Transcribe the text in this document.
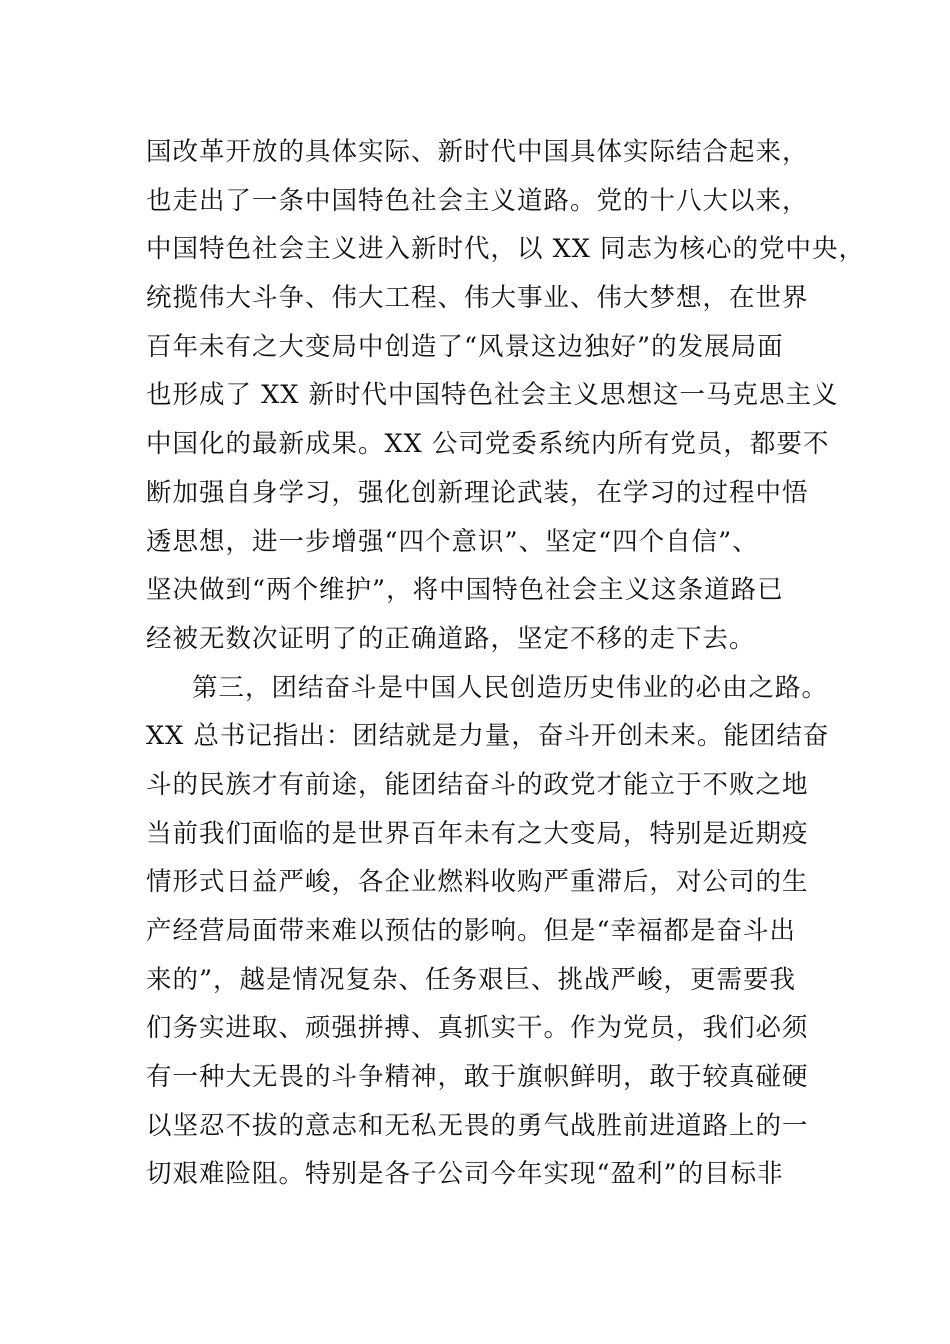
国改革开放的具体实际、新时代中国具体实际结合起来，
也走出了一条中国特色社会主义道路。党的十八大以来，
中国特色社会主义进入新时代，以 XX 同志为核心的党中央，
统揽伟大斗争、伟大工程、伟大事业、伟大梦想，在世界
百年未有之大变局中创造了“风景这边独好”的发展局面
也形成了 XX 新时代中国特色社会主义思想这一马克思主义
中国化的最新成果。XX 公司党委系统内所有党员，都要不
断加强自身学习，强化创新理论武装，在学习的过程中悟
透思想，进一步增强“四个意识”、坚定“四个自信”、
坚决做到“两个维护”，将中国特色社会主义这条道路已
经被无数次证明了的正确道路，坚定不移的走下去。
第三，团结奋斗是中国人民创造历史伟业的必由之路。
XX 总书记指出：团结就是力量，奋斗开创未来。能团结奋
斗的民族才有前途，能团结奋斗的政党才能立于不败之地
当前我们面临的是世界百年未有之大变局，特别是近期疫
情形式日益严峻，各企业燃料收购严重滞后，对公司的生
产经营局面带来难以预估的影响。但是“幸福都是奋斗出
来的”，越是情况复杂、任务艰巨、挑战严峻，更需要我
们务实进取、顽强拼搏、真抓实干。作为党员，我们必须
有一种大无畏的斗争精神，敢于旗帜鲜明，敢于较真碰硬
以坚忍不拔的意志和无私无畏的勇气战胜前进道路上的一
切艰难险阻。特别是各子公司今年实现“盈利”的目标非
